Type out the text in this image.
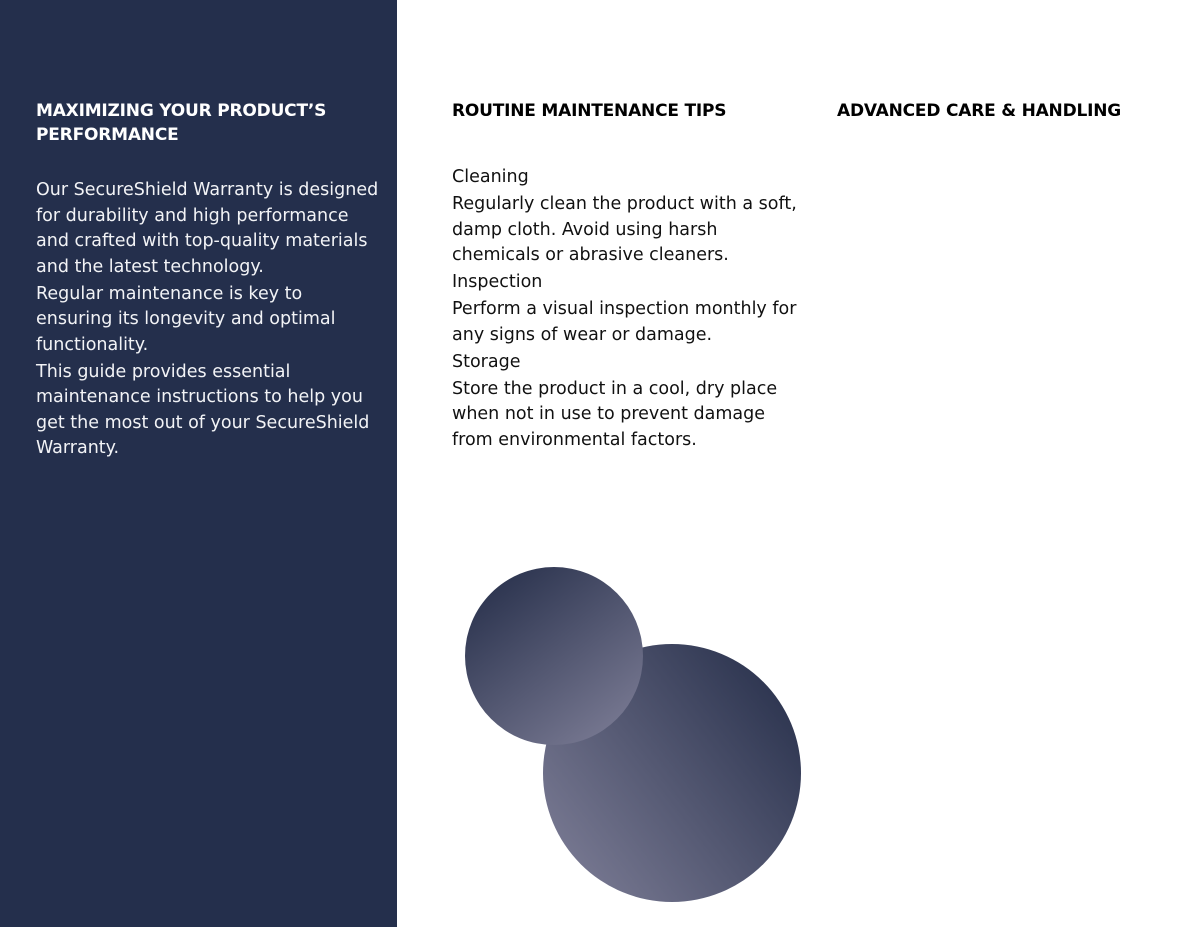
MAXIMIZING YOUR PRODUCT’S PERFORMANCE

Our SecureShield Warranty is designed for durability and high performance and crafted with top-quality materials and the latest technology.

Regular maintenance is key to ensuring its longevity and optimal functionality.

This guide provides essential maintenance instructions to help you get the most out of your SecureShield Warranty.

ROUTINE MAINTENANCE TIPS
Cleaning

Regularly clean the product with a soft, damp cloth. Avoid using harsh chemicals or abrasive cleaners.

Inspection

Perform a visual inspection monthly for any signs of wear or damage.

Storage

Store the product in a cool, dry place when not in use to prevent damage from environmental factors.

ADVANCED CARE & HANDLING
